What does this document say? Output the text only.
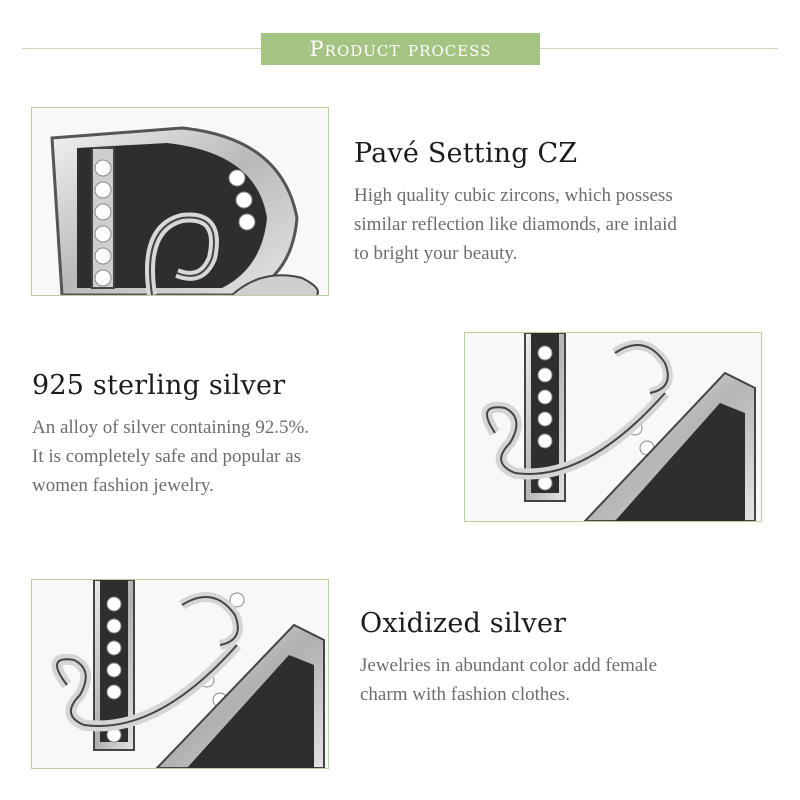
Product process
Pavé Setting CZ

High quality cubic zircons, which possess
similar reflection like diamonds, are inlaid
to bright your beauty.

925 sterling silver

An alloy of silver containing 92.5%.
It is completely safe and popular as
women fashion jewelry.

Oxidized silver

Jewelries in abundant color add female
charm with fashion clothes.
